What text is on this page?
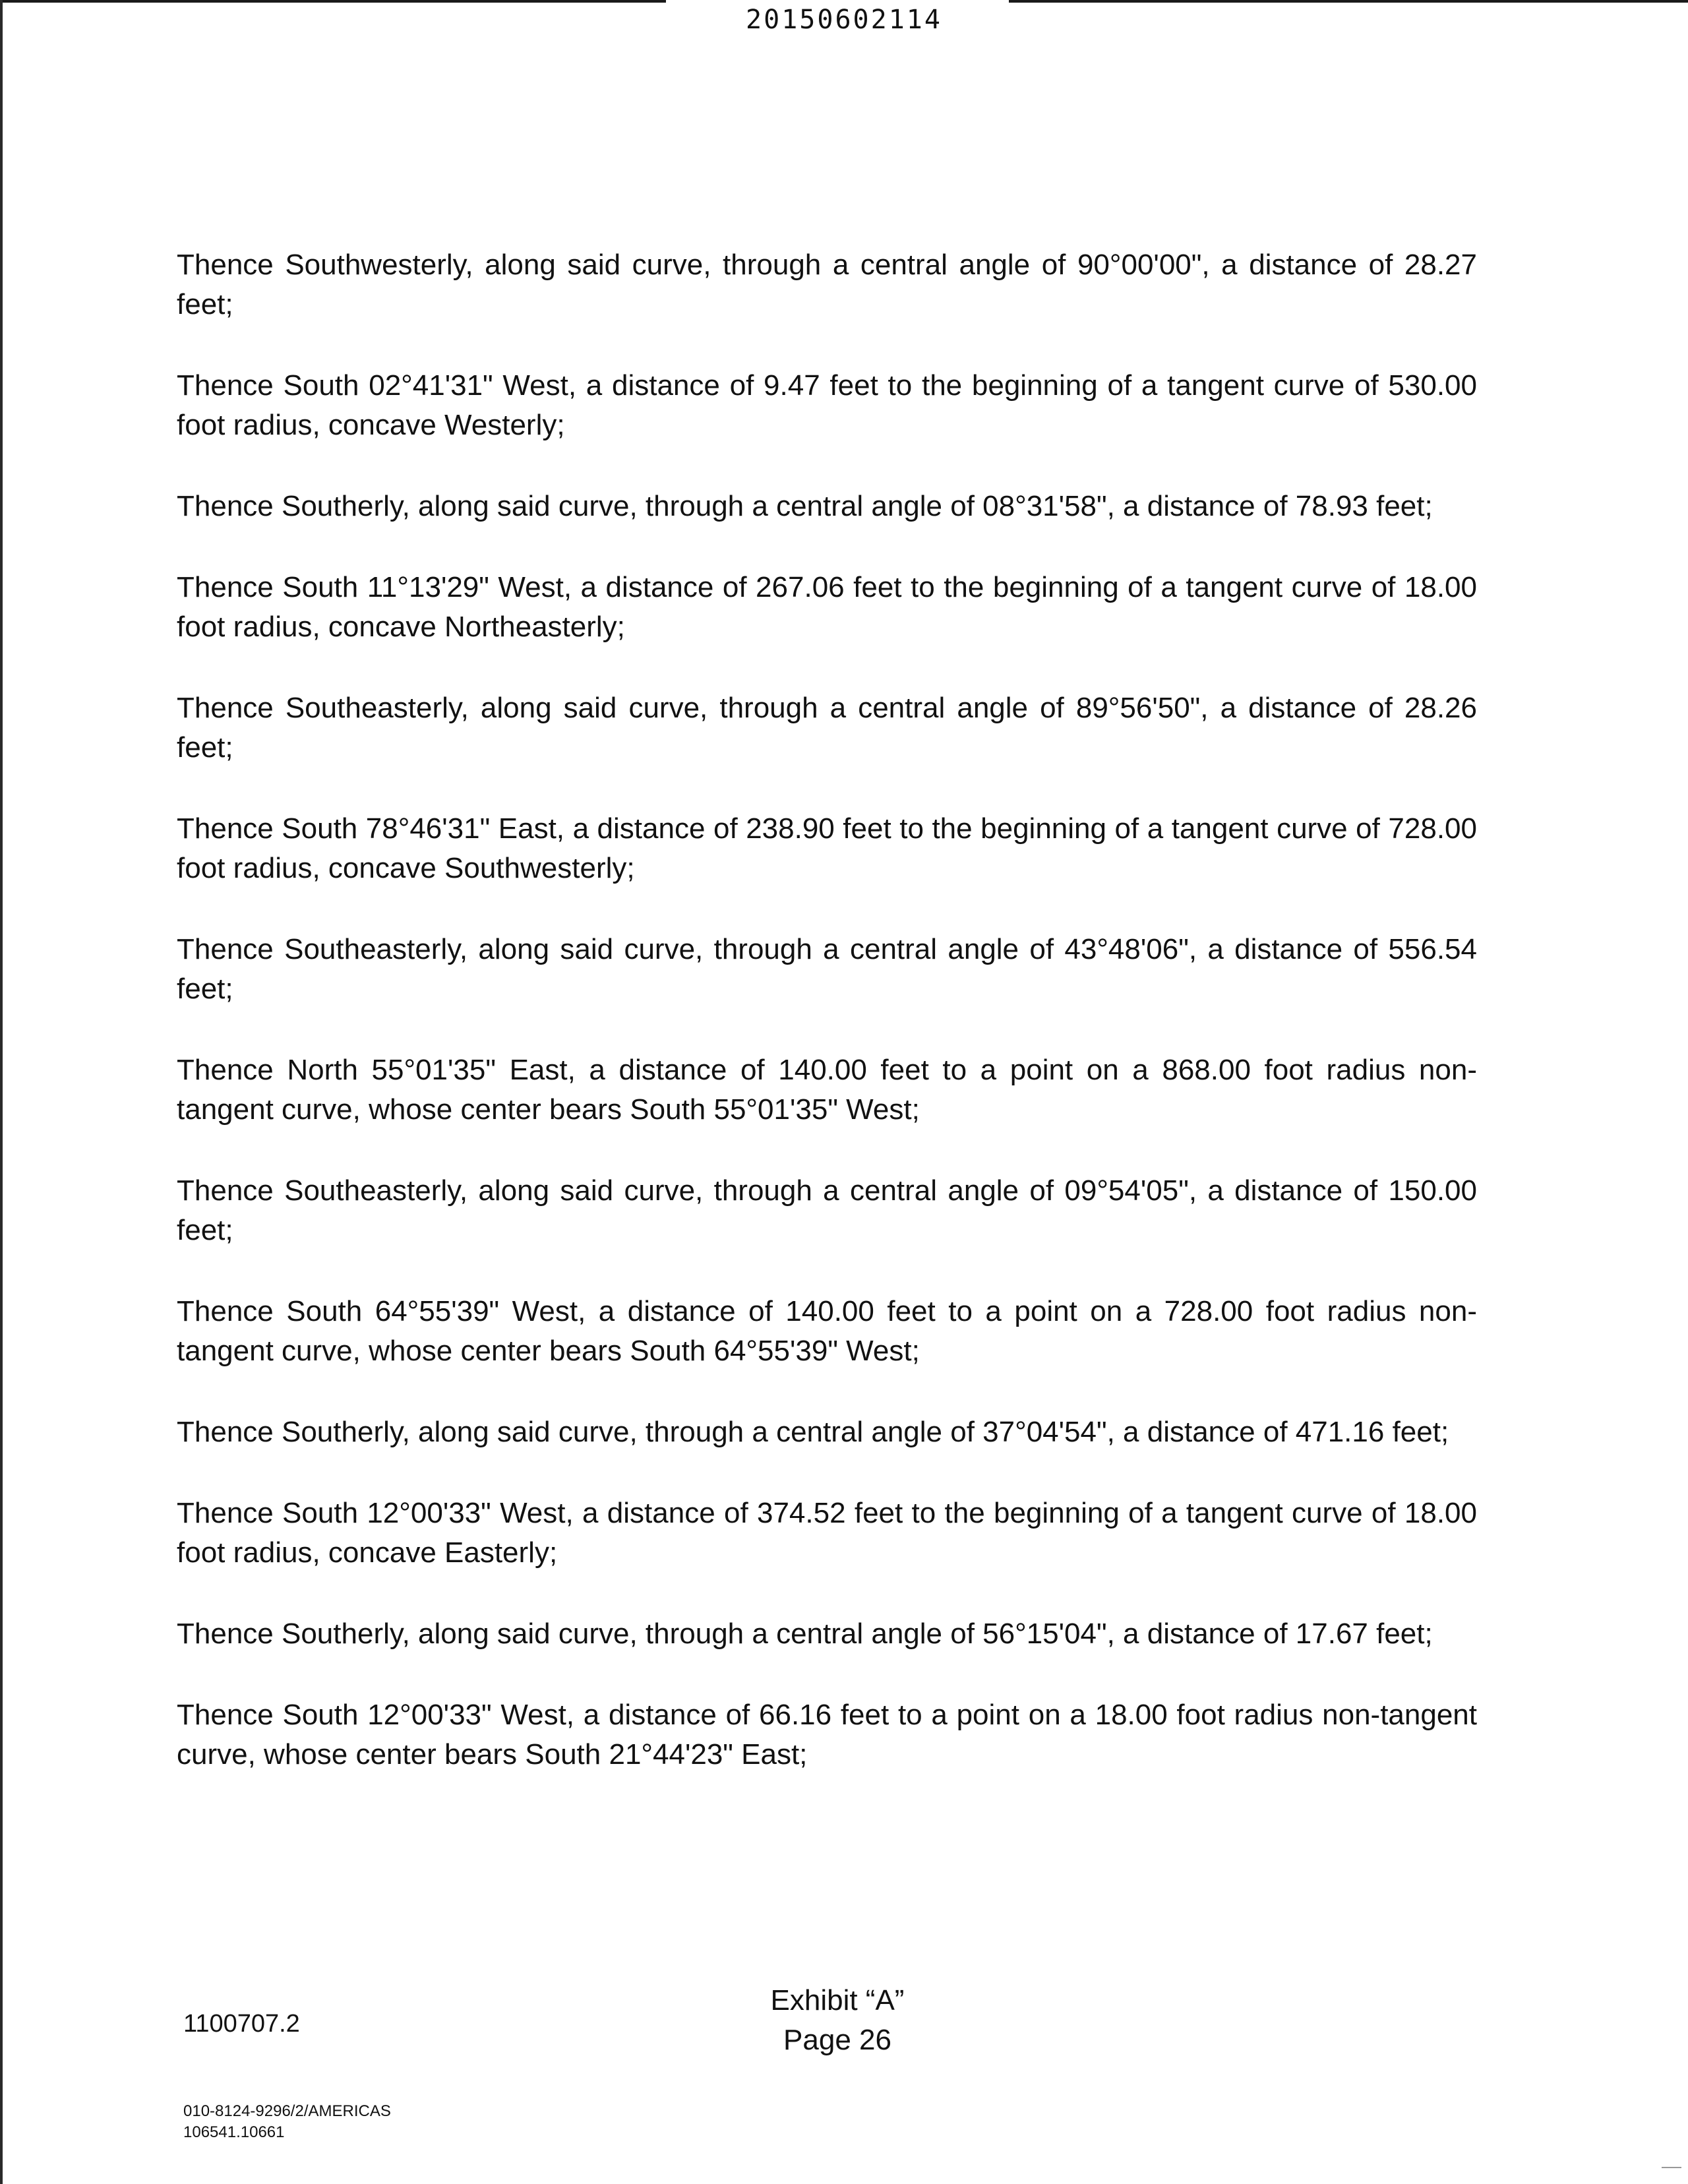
20150602114

Thence Southwesterly, along said curve, through a central angle of 90°00'00", a distance of 28.27 feet;

Thence South 02°41'31" West, a distance of 9.47 feet to the beginning of a tangent curve of 530.00 foot radius, concave Westerly;

Thence Southerly, along said curve, through a central angle of 08°31'58", a distance of 78.93 feet;

Thence South 11°13'29" West, a distance of 267.06 feet to the beginning of a tangent curve of 18.00 foot radius, concave Northeasterly;

Thence Southeasterly, along said curve, through a central angle of 89°56'50", a distance of 28.26 feet;

Thence South 78°46'31" East, a distance of 238.90 feet to the beginning of a tangent curve of 728.00 foot radius, concave Southwesterly;

Thence Southeasterly, along said curve, through a central angle of 43°48'06", a distance of 556.54 feet;

Thence North 55°01'35" East, a distance of 140.00 feet to a point on a 868.00 foot radius non-tangent curve, whose center bears South 55°01'35" West;

Thence Southeasterly, along said curve, through a central angle of 09°54'05", a distance of 150.00 feet;

Thence South 64°55'39" West, a distance of 140.00 feet to a point on a 728.00 foot radius non-tangent curve, whose center bears South 64°55'39" West;

Thence Southerly, along said curve, through a central angle of 37°04'54", a distance of 471.16 feet;

Thence South 12°00'33" West, a distance of 374.52 feet to the beginning of a tangent curve of 18.00 foot radius, concave Easterly;

Thence Southerly, along said curve, through a central angle of 56°15'04", a distance of 17.67 feet;

Thence South 12°00'33" West, a distance of 66.16 feet to a point on a 18.00 foot radius non-tangent curve, whose center bears South 21°44'23" East;

1100707.2
Exhibit “A”
Page 26
010-8124-9296/2/AMERICAS
106541.10661
